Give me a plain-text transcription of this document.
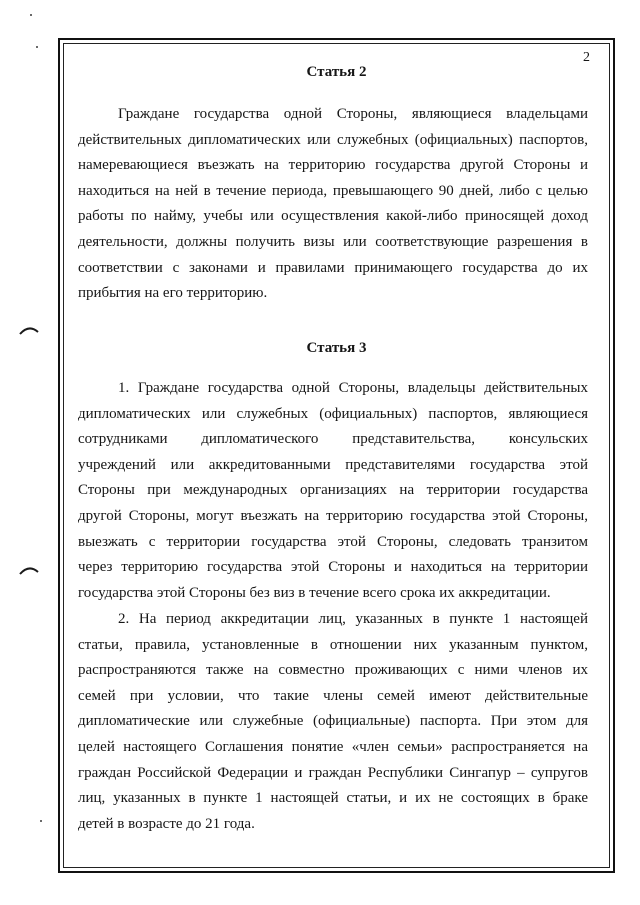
2
Статья 2
Граждане государства одной Стороны, являющиеся владельцами
действительных дипломатических или служебных (официальных) паспортов,
намеревающиеся въезжать на территорию государства другой Стороны и
находиться на ней в течение периода, превышающего 90 дней, либо с целью
работы по найму, учебы или осуществления какой-либо приносящей доход
деятельности, должны получить визы или соответствующие разрешения в
соответствии с законами и правилами принимающего государства до их
прибытия на его территорию.
Статья 3
1. Граждане государства одной Стороны, владельцы действительных
дипломатических или служебных (официальных) паспортов, являющиеся
сотрудниками дипломатического представительства, консульских
учреждений или аккредитованными представителями государства этой
Стороны при международных организациях на территории государства
другой Стороны, могут въезжать на территорию государства этой Стороны,
выезжать с территории государства этой Стороны, следовать транзитом
через территорию государства этой Стороны и находиться на территории
государства этой Стороны без виз в течение всего срока их аккредитации.
2. На период аккредитации лиц, указанных в пункте 1 настоящей
статьи, правила, установленные в отношении них указанным пунктом,
распространяются также на совместно проживающих с ними членов их
семей при условии, что такие члены семей имеют действительные
дипломатические или служебные (официальные) паспорта. При этом для
целей настоящего Соглашения понятие «член семьи» распространяется на
граждан Российской Федерации и граждан Республики Сингапур – супругов
лиц, указанных в пункте 1 настоящей статьи, и их не состоящих в браке
детей в возрасте до 21 года.
